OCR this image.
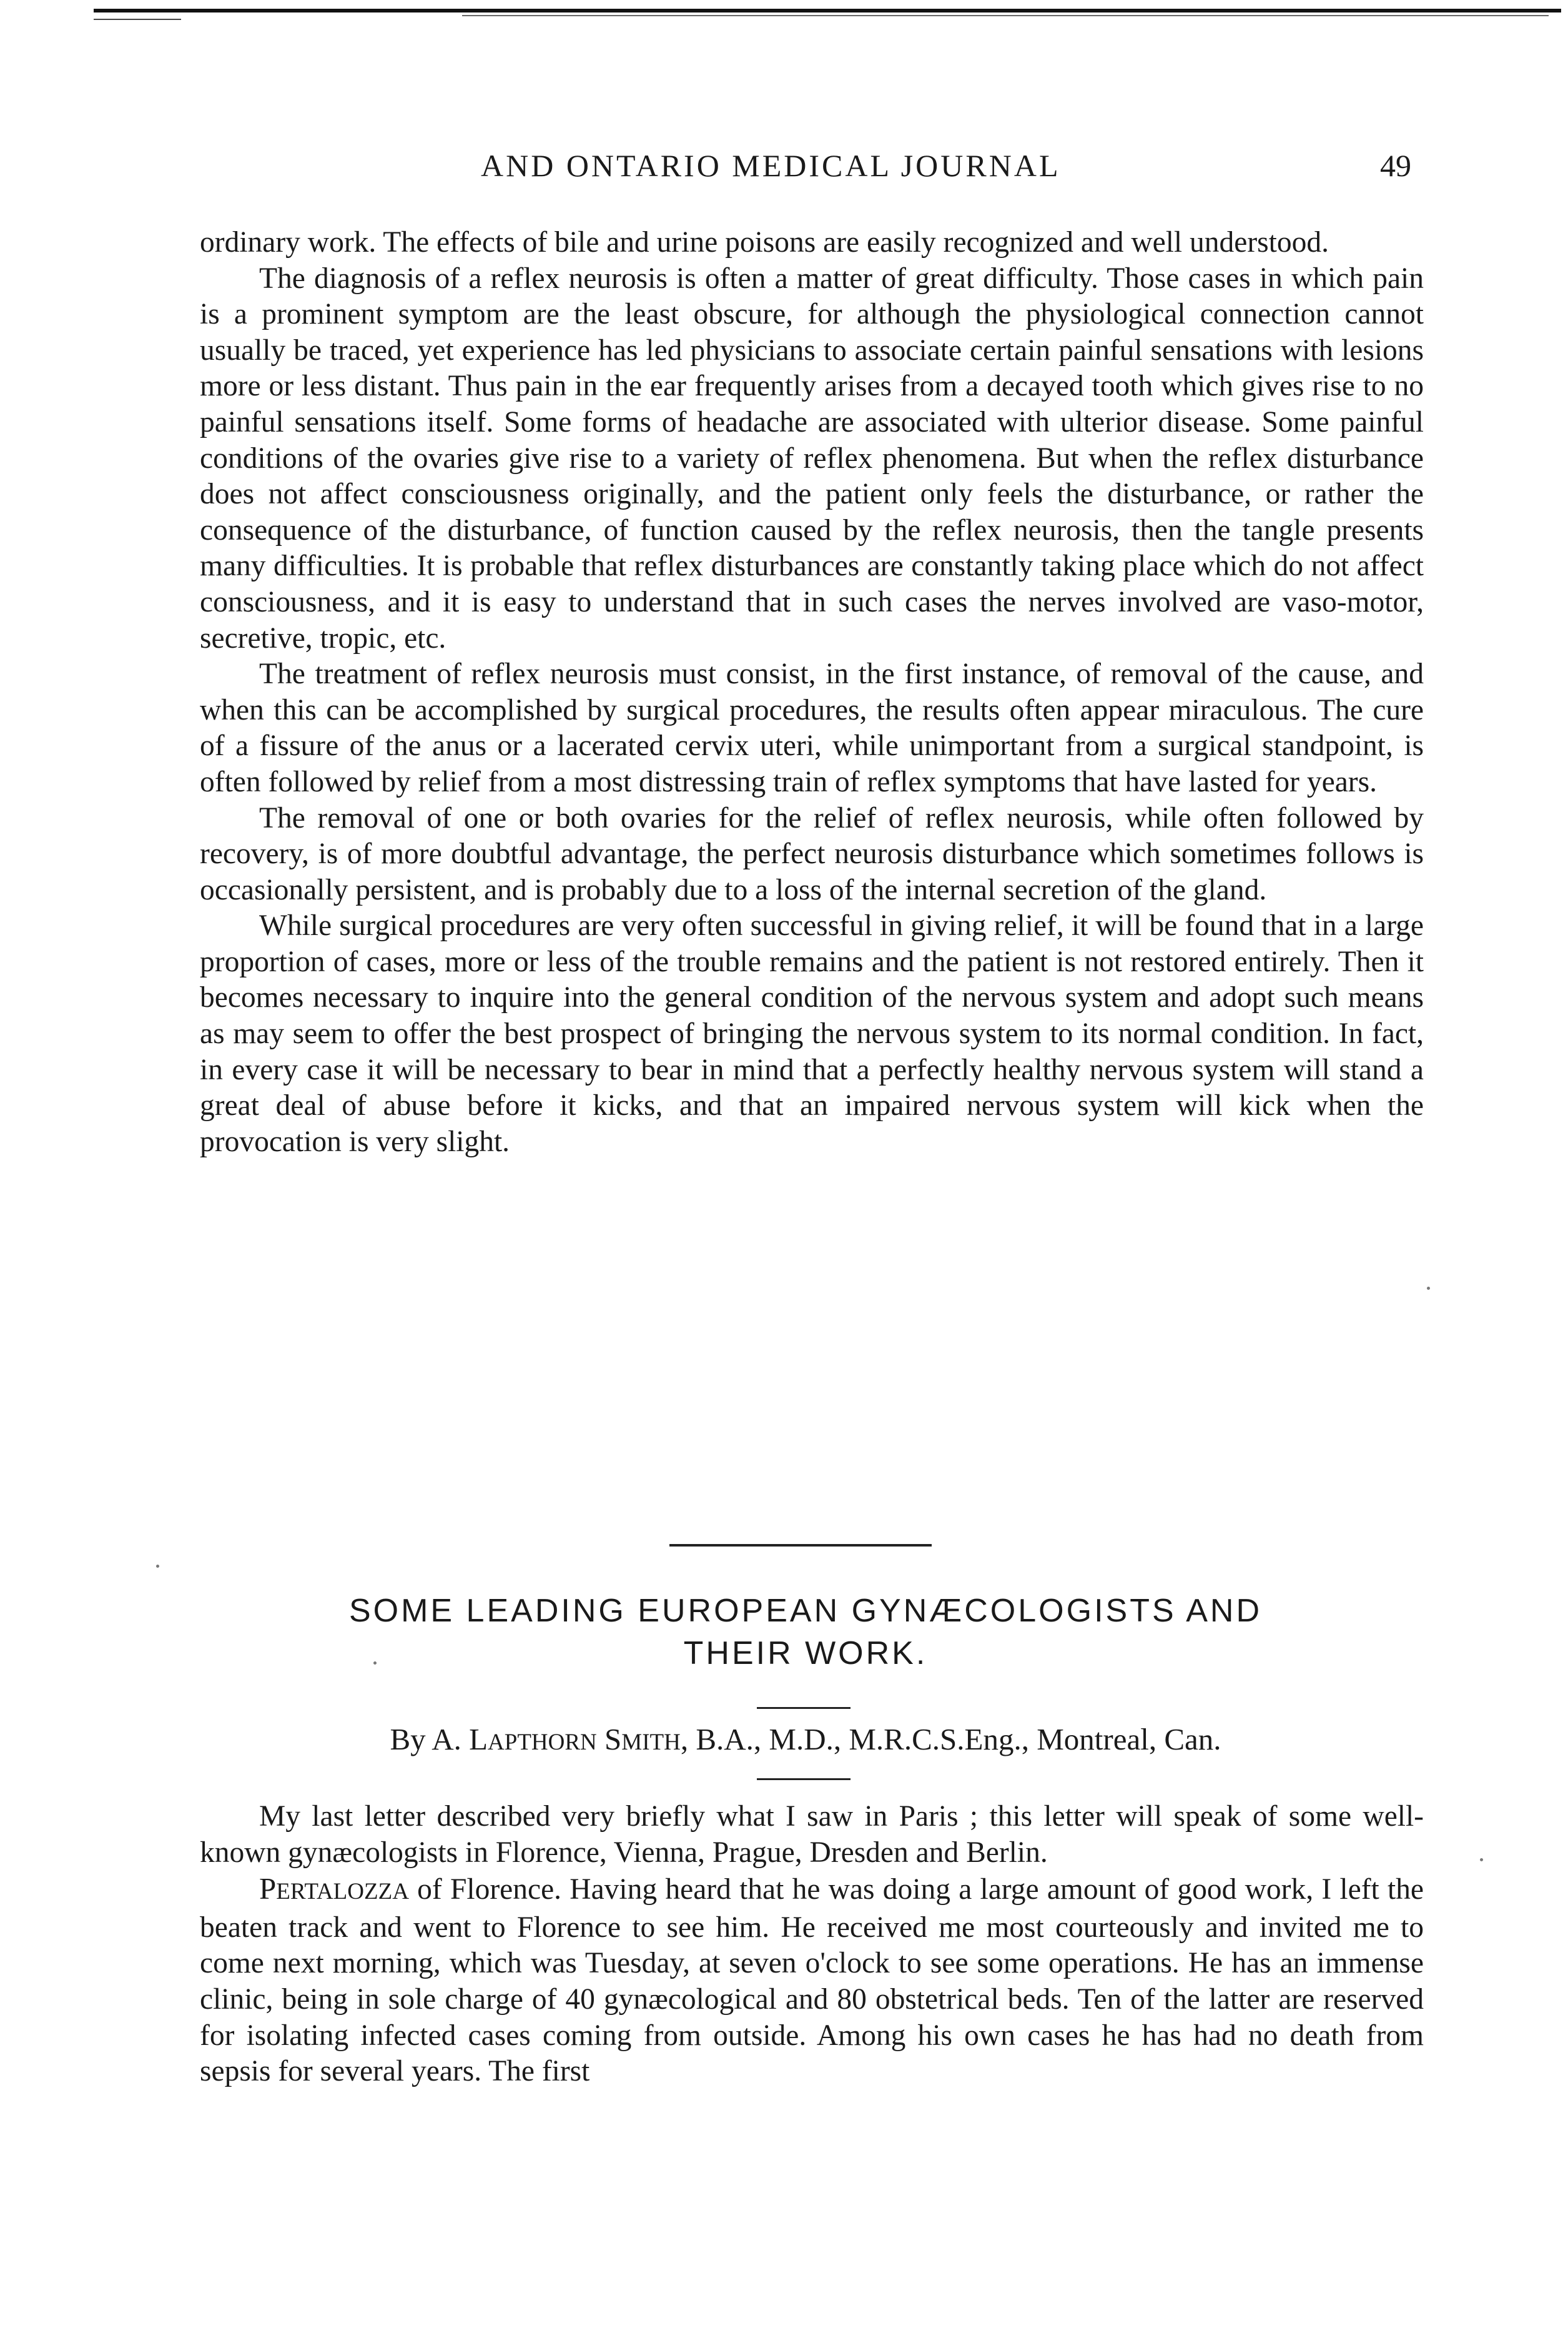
AND ONTARIO MEDICAL JOURNAL	49

ordinary work. The effects of bile and urine poisons are easily recognized and well understood.

The diagnosis of a reflex neurosis is often a matter of great difficulty. Those cases in which pain is a prominent symptom are the least obscure, for although the physiological connection cannot usually be traced, yet experience has led physicians to associate certain painful sensations with lesions more or less distant. Thus pain in the ear frequently arises from a decayed tooth which gives rise to no painful sensations itself. Some forms of headache are associated with ulterior disease. Some painful conditions of the ovaries give rise to a variety of reflex phenomena. But when the reflex disturbance does not affect consciousness originally, and the patient only feels the disturbance, or rather the consequence of the disturbance, of function caused by the reflex neurosis, then the tangle presents many difficulties. It is probable that reflex disturbances are constantly taking place which do not affect consciousness, and it is easy to understand that in such cases the nerves involved are vaso-motor, secretive, tropic, etc.

The treatment of reflex neurosis must consist, in the first instance, of removal of the cause, and when this can be accomplished by surgical procedures, the results often appear miraculous. The cure of a fissure of the anus or a lacerated cervix uteri, while unimportant from a surgical standpoint, is often followed by relief from a most distressing train of reflex symptoms that have lasted for years.

The removal of one or both ovaries for the relief of reflex neurosis, while often followed by recovery, is of more doubtful advantage, the perfect neurosis disturbance which sometimes follows is occasionally persistent, and is probably due to a loss of the internal secretion of the gland.

While surgical procedures are very often successful in giving relief, it will be found that in a large proportion of cases, more or less of the trouble remains and the patient is not restored entirely. Then it becomes necessary to inquire into the general condition of the nervous system and adopt such means as may seem to offer the best prospect of bringing the nervous system to its normal condition. In fact, in every case it will be necessary to bear in mind that a perfectly healthy nervous system will stand a great deal of abuse before it kicks, and that an impaired nervous system will kick when the provocation is very slight.

SOME LEADING EUROPEAN GYNÆCOLOGISTS AND
THEIR WORK.
By A. LAPTHORN SMITH, B.A., M.D., M.R.C.S.Eng., Montreal, Can.

My last letter described very briefly what I saw in Paris ; this letter will speak of some well-known gynæcologists in Florence, Vienna, Prague, Dresden and Berlin.

PERTALOZZA of Florence. Having heard that he was doing a large amount of good work, I left the beaten track and went to Florence to see him. He received me most courteously and invited me to come next morning, which was Tuesday, at seven o'clock to see some operations. He has an immense clinic, being in sole charge of 40 gynæcological and 80 obstetrical beds. Ten of the latter are reserved for isolating infected cases coming from outside. Among his own cases he has had no death from sepsis for several years. The first
